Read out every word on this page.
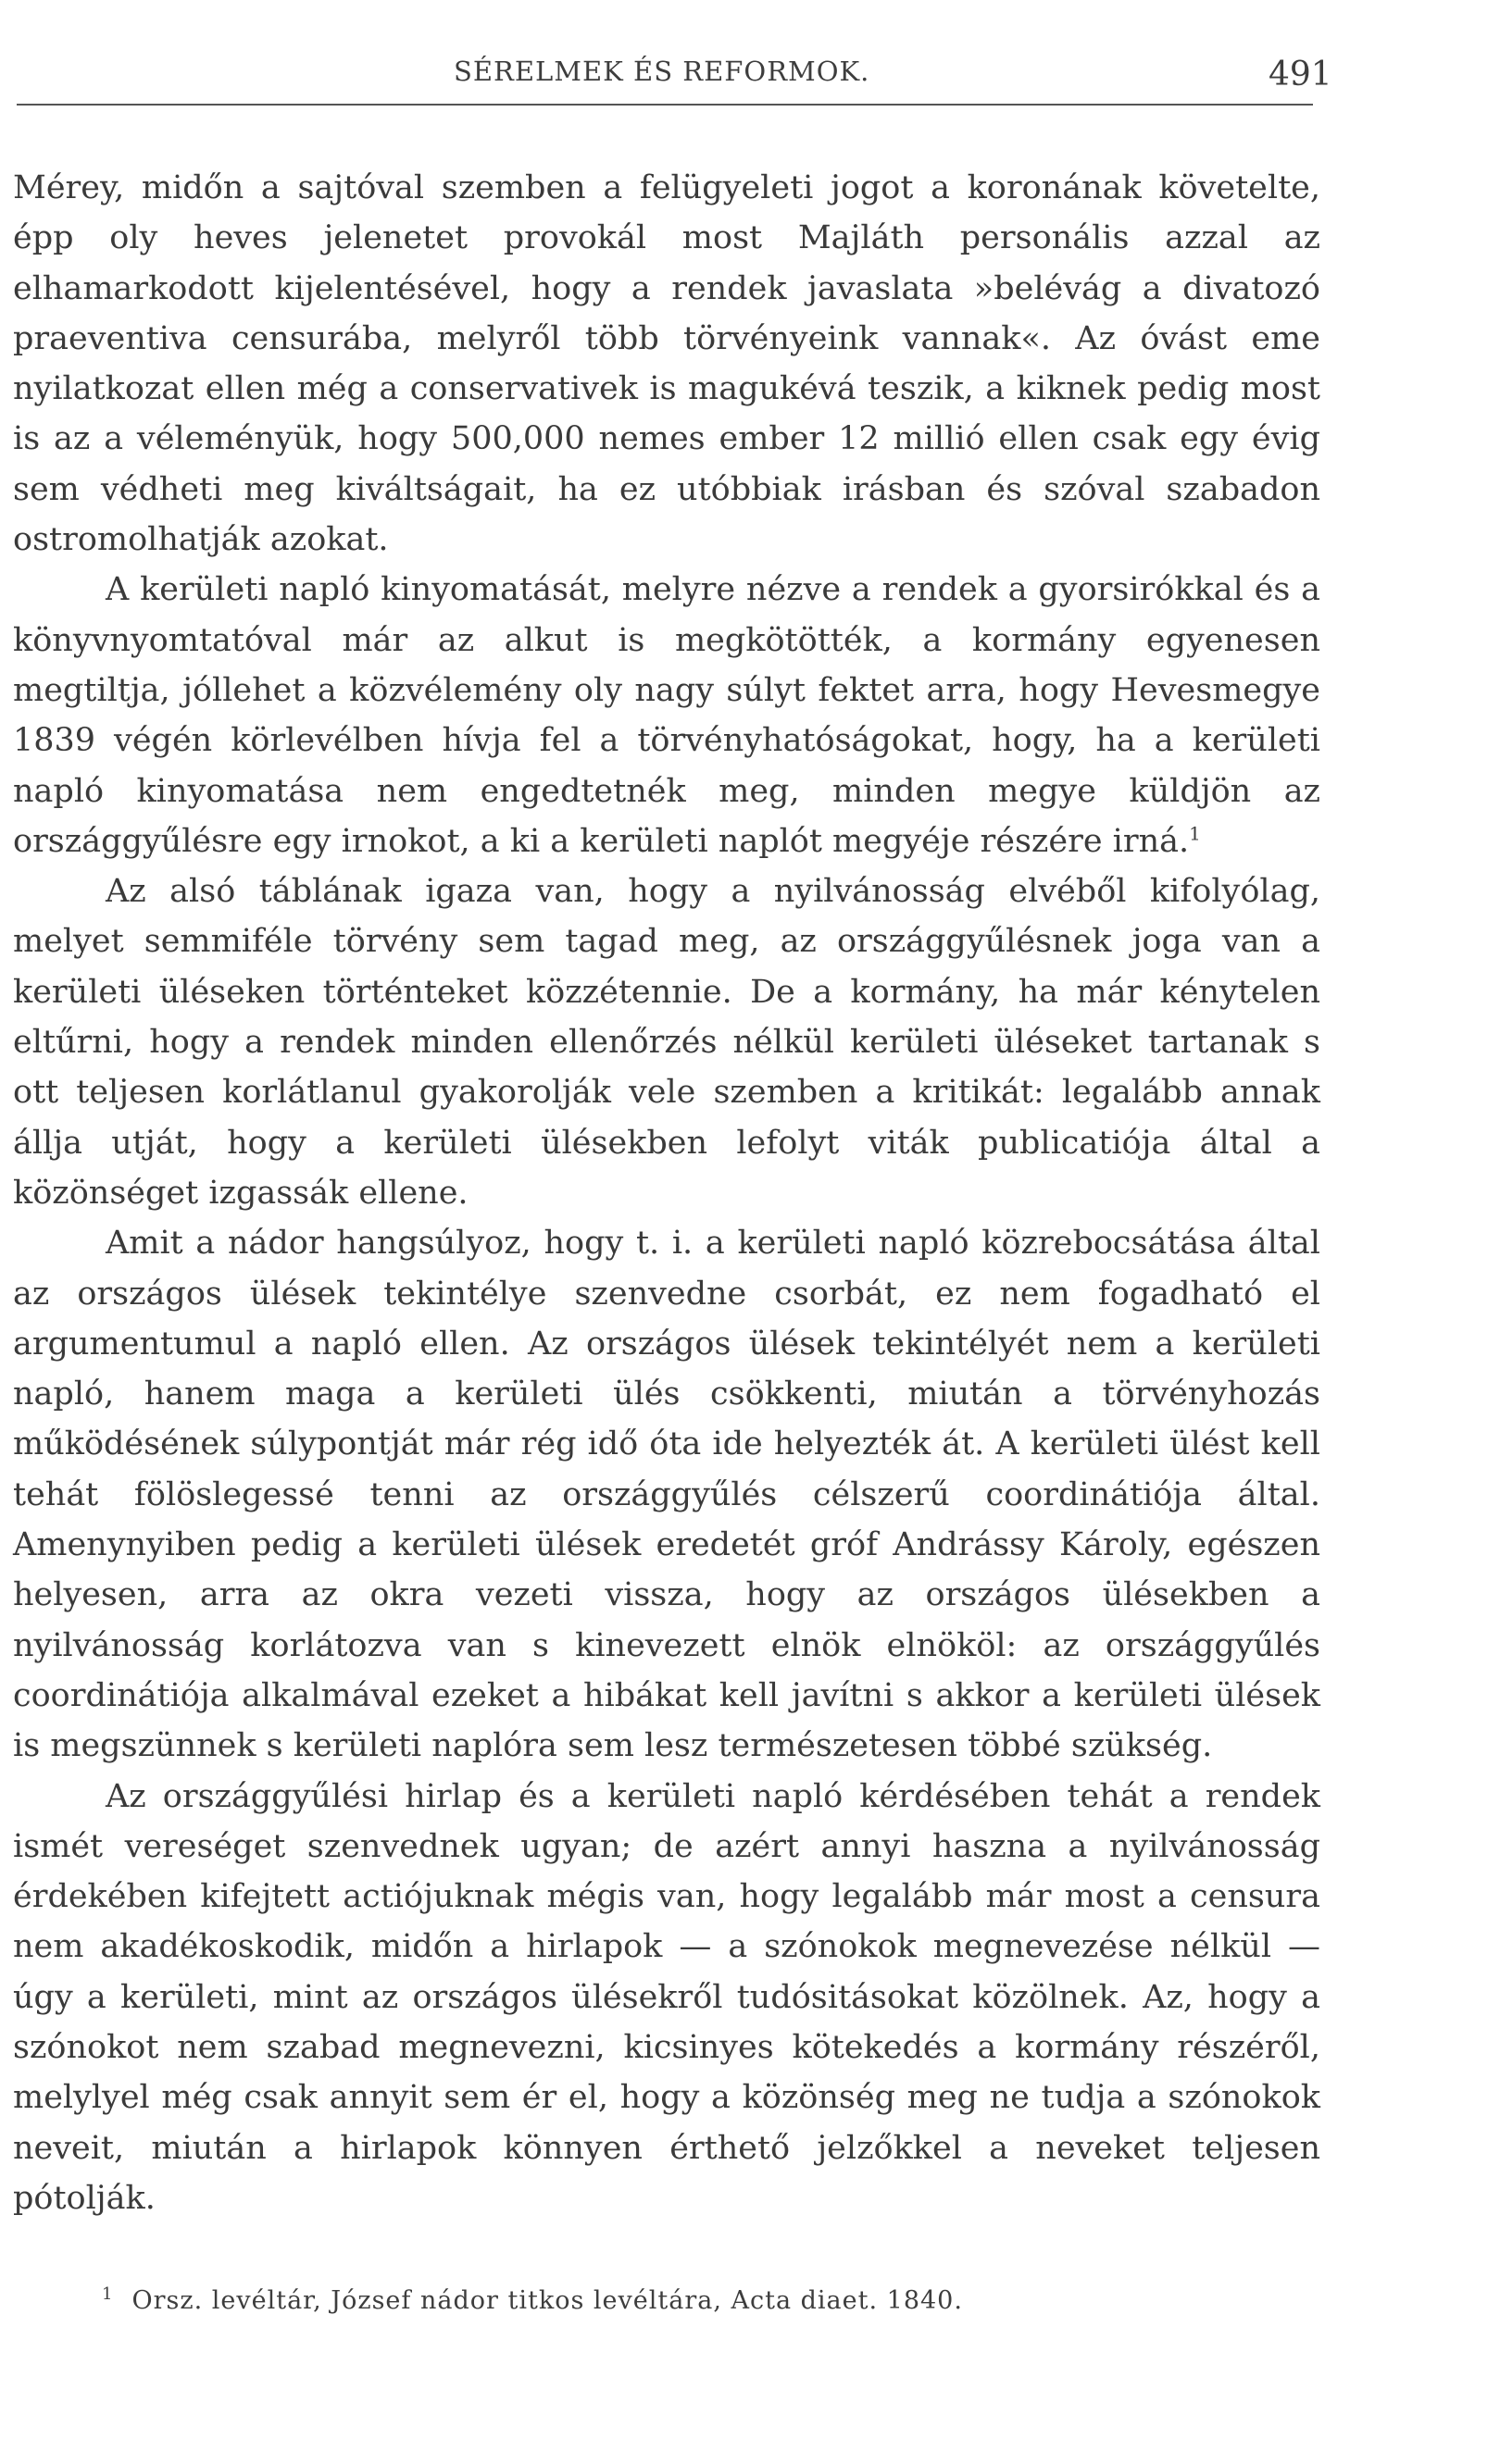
SÉRELMEK ÉS REFORMOK.	491

Mérey, midőn a sajtóval szemben a felügyeleti jogot a koronának követelte, épp oly heves jelenetet provokál most Majláth personális azzal az elhamarkodott kijelentésével, hogy a rendek javaslata »belévág a divatozó praeventiva censurába, melyről több törvényeink vannak«. Az óvást eme nyilatkozat ellen még a conservativek is magukévá teszik, a kiknek pedig most is az a véleményük, hogy 500,000 nemes ember 12 millió ellen csak egy évig sem védheti meg kiváltságait, ha ez utóbbiak irásban és szóval szabadon ostromolhatják azokat.

A kerületi napló kinyomatását, melyre nézve a rendek a gyorsirókkal és a könyvnyomtatóval már az alkut is megkötötték, a kormány egyenesen megtiltja, jóllehet a közvélemény oly nagy súlyt fektet arra, hogy Hevesmegye 1839 végén körlevélben hívja fel a törvényhatóságokat, hogy, ha a kerületi napló kinyomatása nem engedtetnék meg, minden megye küldjön az országgyűlésre egy irnokot, a ki a kerületi naplót megyéje részére irná.$^1$

Az alsó táblának igaza van, hogy a nyilvánosság elvéből kifolyólag, melyet semmiféle törvény sem tagad meg, az országgyűlésnek joga van a kerületi üléseken történteket közzétennie. De a kormány, ha már kénytelen eltűrni, hogy a rendek minden ellenőrzés nélkül kerületi üléseket tartanak s ott teljesen korlátlanul gyakorolják vele szemben a kritikát: legalább annak állja utját, hogy a kerületi ülésekben lefolyt viták publicatiója által a közönséget izgassák ellene.

Amit a nádor hangsúlyoz, hogy t. i. a kerületi napló közrebocsátása által az országos ülések tekintélye szenvedne csorbát, ez nem fogadható el argumentumul a napló ellen. Az országos ülések tekintélyét nem a kerületi napló, hanem maga a kerületi ülés csökkenti, miután a törvényhozás működésének súlypontját már rég idő óta ide helyezték át. A kerületi ülést kell tehát fölöslegessé tenni az országgyűlés célszerű coordinátiója által. Amenynyiben pedig a kerületi ülések eredetét gróf Andrássy Károly, egészen helyesen, arra az okra vezeti vissza, hogy az országos ülésekben a nyilvánosság korlátozva van s kinevezett elnök elnököl: az országgyűlés coordinátiója alkalmával ezeket a hibákat kell javítni s akkor a kerületi ülések is megszünnek s kerületi naplóra sem lesz természetesen többé szükség.

Az országgyűlési hirlap és a kerületi napló kérdésében tehát a rendek ismét vereséget szenvednek ugyan; de azért annyi haszna a nyilvánosság érdekében kifejtett actiójuknak mégis van, hogy legalább már most a censura nem akadékoskodik, midőn a hirlapok — a szónokok megnevezése nélkül — úgy a kerületi, mint az országos ülésekről tudósitásokat közölnek. Az, hogy a szónokot nem szabad megnevezni, kicsinyes kötekedés a kormány részéről, melylyel még csak annyit sem ér el, hogy a közönség meg ne tudja a szónokok neveit, miután a hirlapok könnyen érthető jelzőkkel a neveket teljesen pótolják.

$^1$ Orsz. levéltár, József nádor titkos levéltára, Acta diaet. 1840.
